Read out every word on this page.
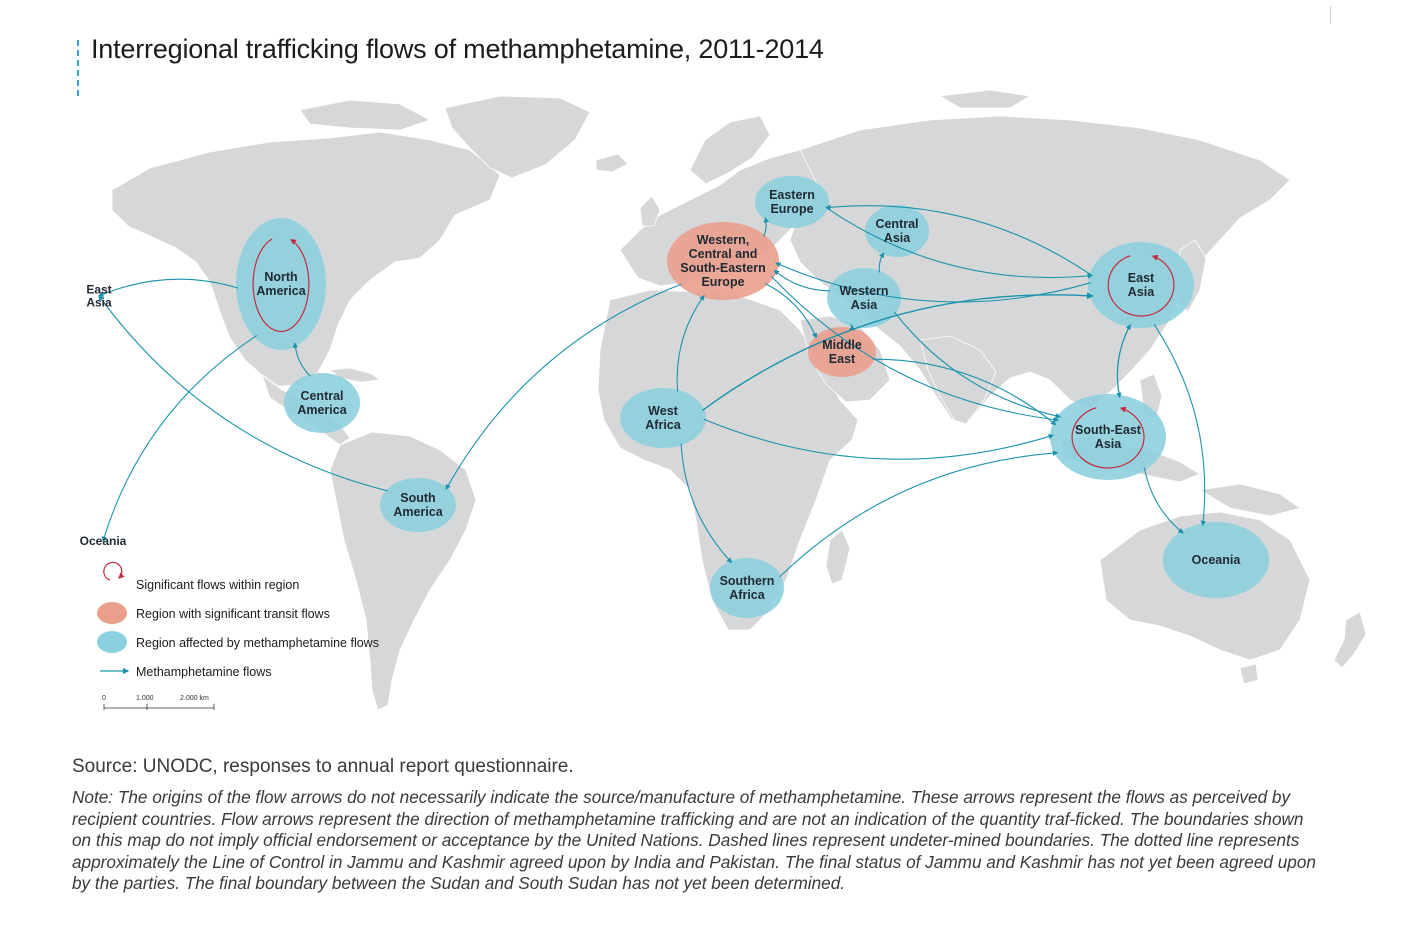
Interregional trafficking flows of methamphetamine, 2011-2014
North
America
Central
America
South
America
West
Africa
Southern
Africa
Eastern
Europe
Central
Asia
Western
Asia
Western,
Central and
South-Eastern
Europe
Middle
East
East
Asia
South-East
Asia
Oceania
East
Asia
Oceania
Significant flows within region
Region with significant transit flows
Region affected by methamphetamine flows
Methamphetamine flows
0	1.000	2.000 km
Source: UNODC, responses to annual report questionnaire.
Note: The origins of the flow arrows do not necessarily indicate the source/manufacture of methamphetamine. These arrows represent the flows as perceived by recipient countries. Flow arrows represent the direction of methamphetamine trafficking and are not an indication of the quantity traf-ficked. The boundaries shown on this map do not imply official endorsement or acceptance by the United Nations. Dashed lines represent undeter-mined boundaries. The dotted line represents approximately the Line of Control in Jammu and Kashmir agreed upon by India and Pakistan. The final status of Jammu and Kashmir has not yet been agreed upon by the parties. The final boundary between the Sudan and South Sudan has not yet been determined.
